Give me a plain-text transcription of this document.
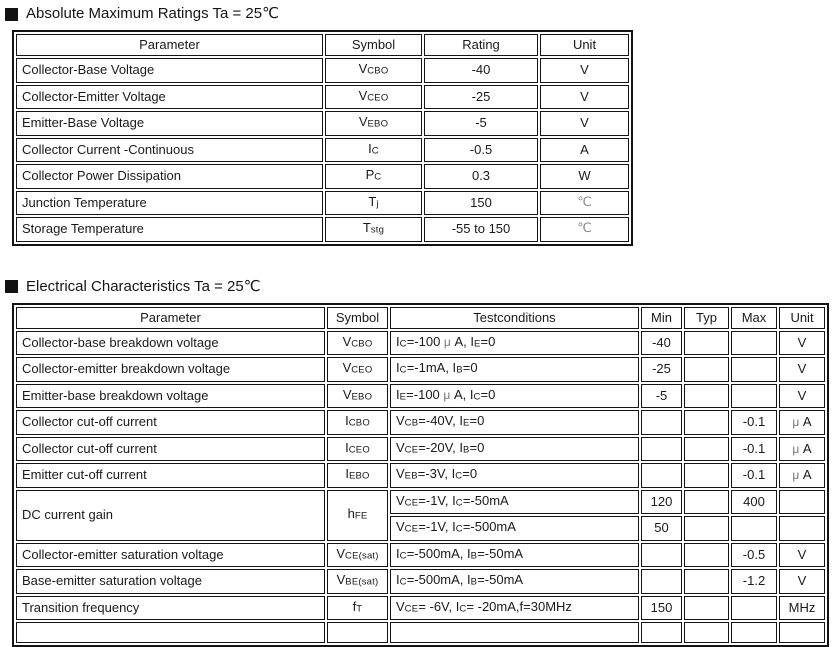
Absolute Maximum Ratings Ta = 25℃
Parameter	Symbol	Rating	Unit
Collector-Base Voltage	VCBO	-40	V
Collector-Emitter Voltage	VCEO	-25	V
Emitter-Base Voltage	VEBO	-5	V
Collector Current -Continuous	IC	-0.5	A
Collector Power Dissipation	PC	0.3	W
Junction Temperature	Tj	150	℃
Storage Temperature	Tstg	-55 to 150	℃
Electrical Characteristics Ta = 25℃
Parameter	Symbol	Testconditions	Min	Typ	Max	Unit
Collector-base breakdown voltage	VCBO	IC=-100 μ A, IE=0	-40			V
Collector-emitter breakdown voltage	VCEO	IC=-1mA, IB=0	-25			V
Emitter-base breakdown voltage	VEBO	IE=-100 μ A, IC=0	-5			V
Collector cut-off current	ICBO	VCB=-40V, IE=0			-0.1	μ A
Collector cut-off current	ICEO	VCE=-20V, IB=0			-0.1	μ A
Emitter cut-off current	IEBO	VEB=-3V, IC=0			-0.1	μ A
DC current gain	hFE	VCE=-1V, IC=-50mA	120		400	
		VCE=-1V, IC=-500mA	50			
Collector-emitter saturation voltage	VCE(sat)	IC=-500mA, IB=-50mA			-0.5	V
Base-emitter saturation voltage	VBE(sat)	IC=-500mA, IB=-50mA			-1.2	V
Transition frequency	fT	VCE= -6V, IC= -20mA,f=30MHz	150			MHz
